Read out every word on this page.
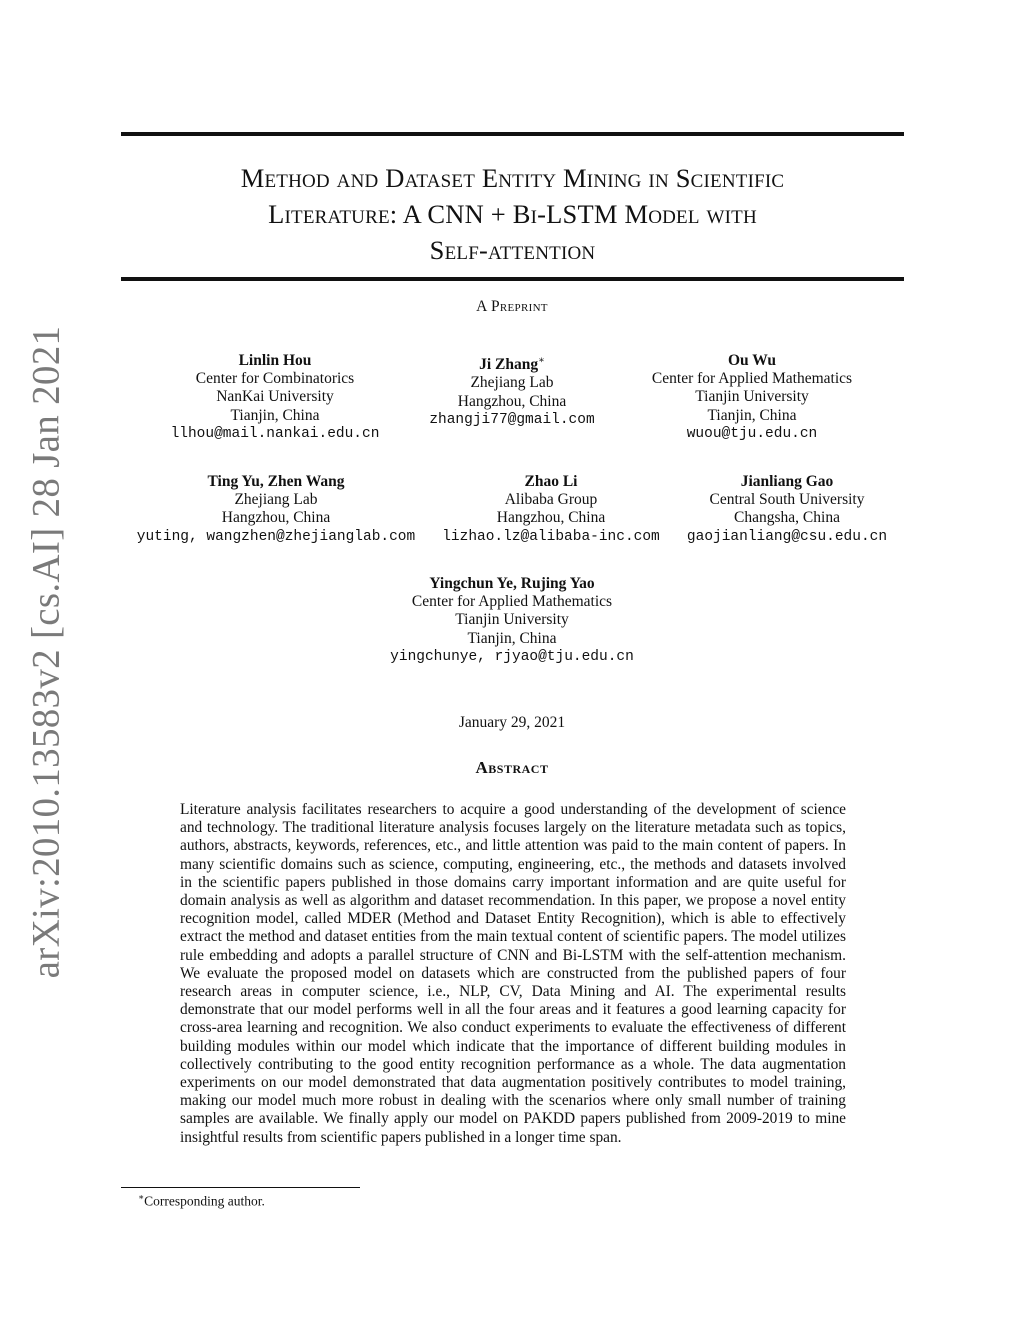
arXiv:2010.13583v2 [cs.AI] 28 Jan 2021
Method and Dataset Entity Mining in Scientific
Literature: A CNN + Bi-LSTM Model with
Self-attention
A Preprint
Linlin Hou
Center for Combinatorics
NanKai University
Tianjin, China
llhou@mail.nankai.edu.cn
Ji Zhang∗
Zhejiang Lab
Hangzhou, China
zhangji77@gmail.com
Ou Wu
Center for Applied Mathematics
Tianjin University
Tianjin, China
wuou@tju.edu.cn
Ting Yu, Zhen Wang
Zhejiang Lab
Hangzhou, China
yuting, wangzhen@zhejianglab.com
Zhao Li
Alibaba Group
Hangzhou, China
lizhao.lz@alibaba-inc.com
Jianliang Gao
Central South University
Changsha, China
gaojianliang@csu.edu.cn
Yingchun Ye, Rujing Yao
Center for Applied Mathematics
Tianjin University
Tianjin, China
yingchunye, rjyao@tju.edu.cn
January 29, 2021
Abstract
Literature analysis facilitates researchers to acquire a good understanding of the development of science and technology. The traditional literature analysis focuses largely on the literature metadata such as topics, authors, abstracts, keywords, references, etc., and little attention was paid to the main content of papers. In many scientific domains such as science, computing, engineering, etc., the methods and datasets involved in the scientific papers published in those domains carry important information and are quite useful for domain analysis as well as algorithm and dataset recommendation. In this paper, we propose a novel entity recognition model, called MDER (Method and Dataset Entity Recognition), which is able to effectively extract the method and dataset entities from the main textual content of scientific papers. The model utilizes rule embedding and adopts a parallel structure of CNN and Bi-LSTM with the self-attention mechanism. We evaluate the proposed model on datasets which are constructed from the published papers of four research areas in computer science, i.e., NLP, CV, Data Mining and AI. The experimental results demonstrate that our model performs well in all the four areas and it features a good learning capacity for cross-area learning and recognition. We also conduct experiments to evaluate the effectiveness of different building modules within our model which indicate that the importance of different building modules in collectively contributing to the good entity recognition performance as a whole. The data augmentation experiments on our model demonstrated that data augmentation positively contributes to model training, making our model much more robust in dealing with the scenarios where only small number of training samples are available. We finally apply our model on PAKDD papers published from 2009-2019 to mine insightful results from scientific papers published in a longer time span.
∗Corresponding author.
